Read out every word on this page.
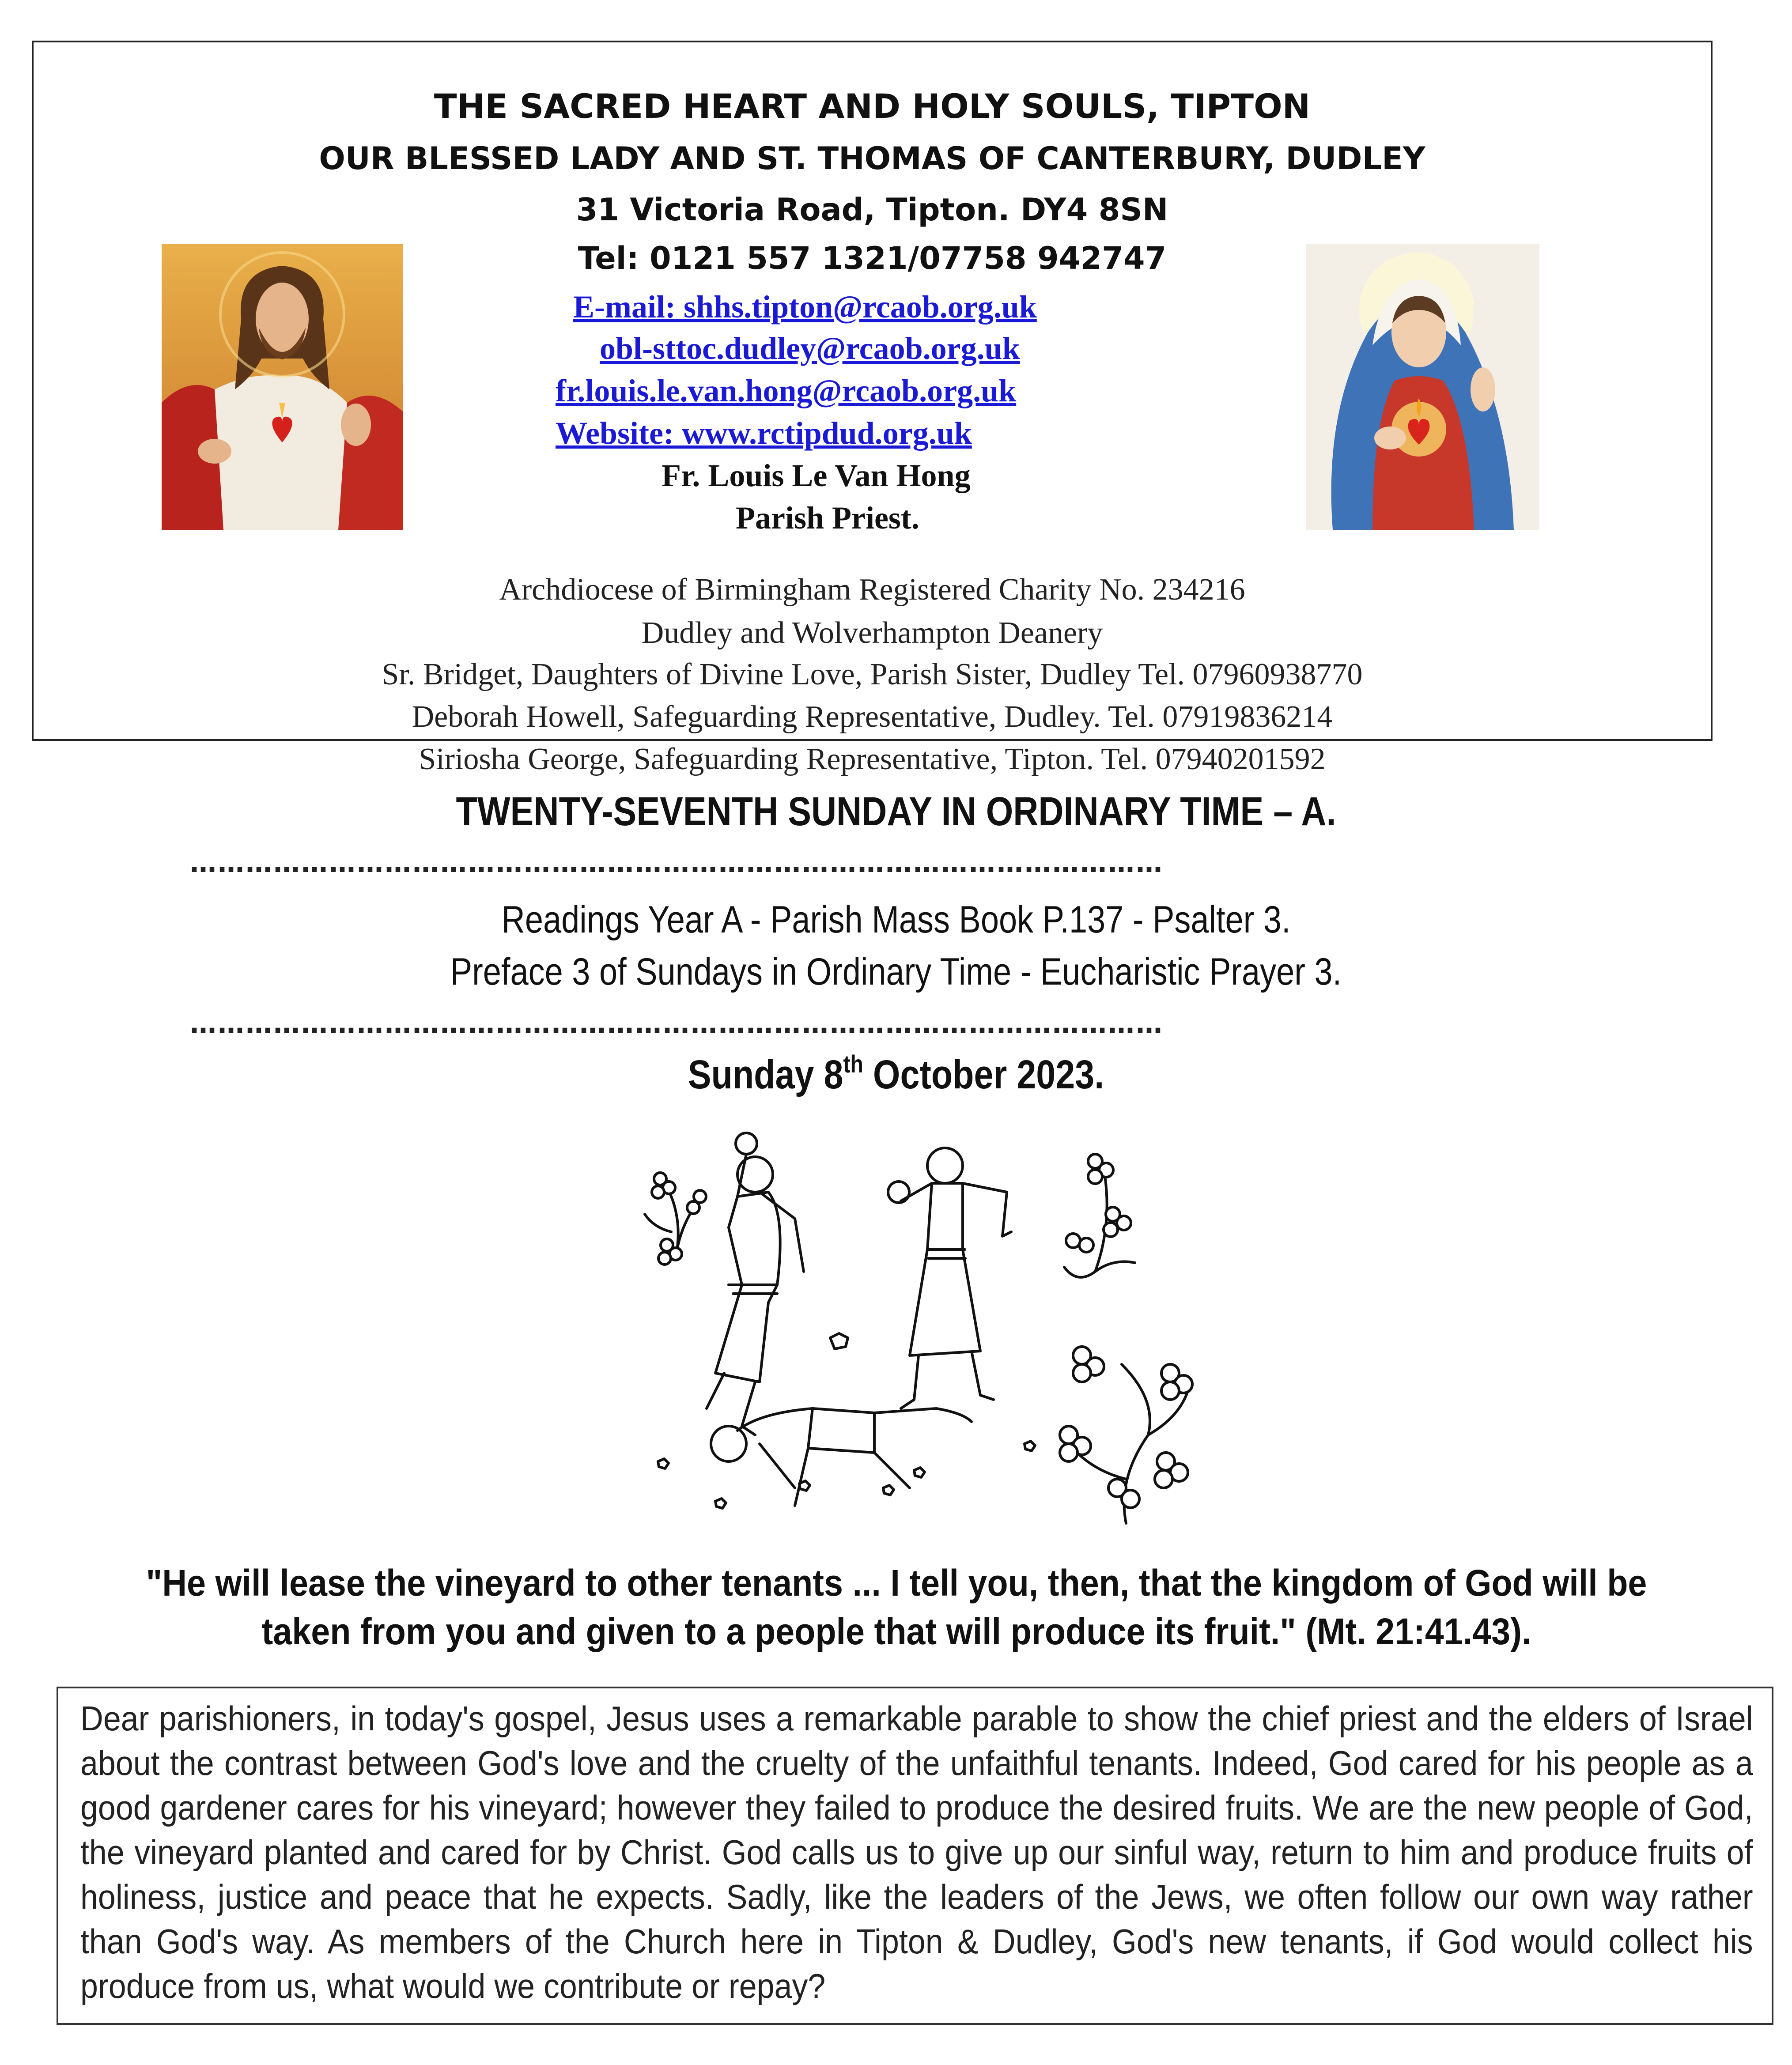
THE SACRED HEART AND HOLY SOULS, TIPTON
OUR BLESSED LADY AND ST. THOMAS OF CANTERBURY, DUDLEY
31 Victoria Road, Tipton. DY4 8SN
Tel: 0121 557 1321/07758 942747
E-mail: shhs.tipton@rcaob.org.uk
obl-sttoc.dudley@rcaob.org.uk
fr.louis.le.van.hong@rcaob.org.uk
Website: www.rctipdud.org.uk
Fr. Louis Le Van Hong
Parish Priest.
Archdiocese of Birmingham Registered Charity No. 234216
Dudley and Wolverhampton Deanery
Sr. Bridget, Daughters of Divine Love, Parish Sister, Dudley Tel. 07960938770
Deborah Howell, Safeguarding Representative, Dudley. Tel. 07919836214
Siriosha George, Safeguarding Representative, Tipton. Tel. 07940201592
TWENTY-SEVENTH SUNDAY IN ORDINARY TIME – A.
……………………………………………………………………………………………
Readings Year A - Parish Mass Book P.137 - Psalter 3.
Preface 3 of Sundays in Ordinary Time - Eucharistic Prayer 3.
……………………………………………………………………………………………
Sunday 8th October 2023.
"He will lease the vineyard to other tenants ... I tell you, then, that the kingdom of God will be taken from you and given to a people that will produce its fruit." (Mt. 21:41.43).
Dear parishioners, in today's gospel, Jesus uses a remarkable parable to show the chief priest and the elders of Israel about the contrast between God's love and the cruelty of the unfaithful tenants. Indeed, God cared for his people as a good gardener cares for his vineyard; however they failed to produce the desired fruits. We are the new people of God, the vineyard planted and cared for by Christ. God calls us to give up our sinful way, return to him and produce fruits of holiness, justice and peace that he expects. Sadly, like the leaders of the Jews, we often follow our own way rather than God's way. As members of the Church here in Tipton & Dudley, God's new tenants, if God would collect his produce from us, what would we contribute or repay?
